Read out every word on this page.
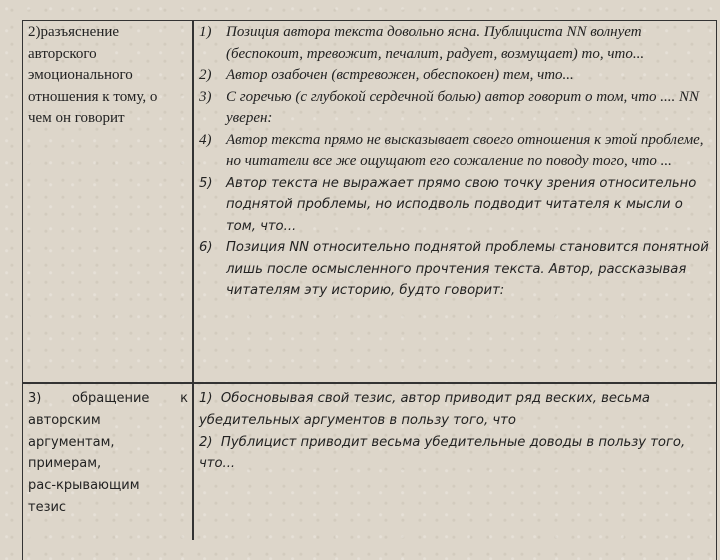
2)разъяснение
авторского
эмоционального
отношения к тому, о
чем он говорит
1) Позиция автора текста довольно ясна. Публициста NN волнует (беспокоит, тревожит, печалит, радует, возмущает) то, что...
2) Автор озабочен (встревожен, обеспокоен) тем, что...
3) С горечью (с глубокой сердечной болью) автор говорит о том, что .... NN уверен:
4) Автор текста прямо не высказывает своего отношения к этой проблеме, но читатели все же ощущают его сожаление по поводу того, что ...
5)	Автор текста не выражает прямо свою точку зрения относительно поднятой проблемы, но исподволь подводит читателя к мысли о том, что...
6)	Позиция NN относительно поднятой проблемы становится понятной лишь после осмысленного прочтения текста. Автор, рассказывая читателям эту историю, будто говорит:
3) обращение к
авторским
аргументам,
примерам,
рас-крывающим
тезис
1)  Обосновывая свой тезис, автор приводит ряд веских, весьма убедительных аргументов в пользу того, что
2)  Публицист приводит весьма убедительные доводы в пользу того, что...
